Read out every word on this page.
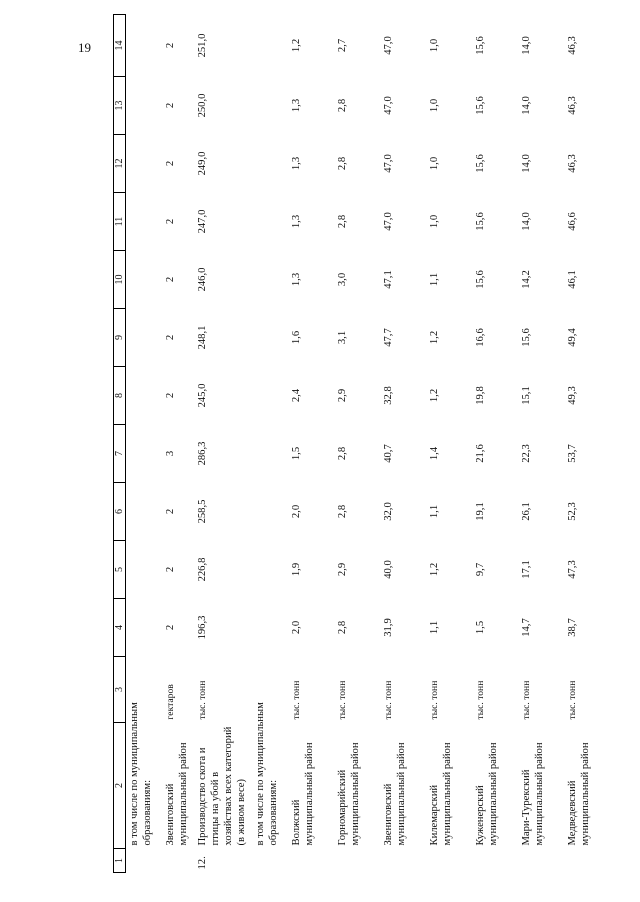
19
1	2	3	4	5	6	7	8	9	10	11	12	13	14

	в том числе по муниципальным образованиям:												

	Звениговский муниципальный район	гектаров	2	2	2	3	2	2	2	2	2	2	2
12.	Производство скота и птицы на убой в хозяйствах всех категорий (в живом весе)	тыс. тонн	196,3	226,8	258,5	286,3	245,0	248,1	246,0	247,0	249,0	250,0	251,0

	в том числе по муниципальным образованиям:												

	Волжский муниципальный район	тыс. тонн	2,0	1,9	2,0	1,5	2,4	1,6	1,3	1,3	1,3	1,3	1,2
	Горномарийский муниципальный район	тыс. тонн	2,8	2,9	2,8	2,8	2,9	3,1	3,0	2,8	2,8	2,8	2,7
	Звениговский муниципальный район	тыс. тонн	31,9	40,0	32,0	40,7	32,8	47,7	47,1	47,0	47,0	47,0	47,0
	Килемарский муниципальный район	тыс. тонн	1,1	1,2	1,1	1,4	1,2	1,2	1,1	1,0	1,0	1,0	1,0
	Куженерский муниципальный район	тыс. тонн	1,5	9,7	19,1	21,6	19,8	16,6	15,6	15,6	15,6	15,6	15,6
	Мари-Турекский муниципальный район	тыс. тонн	14,7	17,1	26,1	22,3	15,1	15,6	14,2	14,0	14,0	14,0	14,0
	Медведевский муниципальный район	тыс. тонн	38,7	47,3	52,3	53,7	49,3	49,4	46,1	46,6	46,3	46,3	46,3
